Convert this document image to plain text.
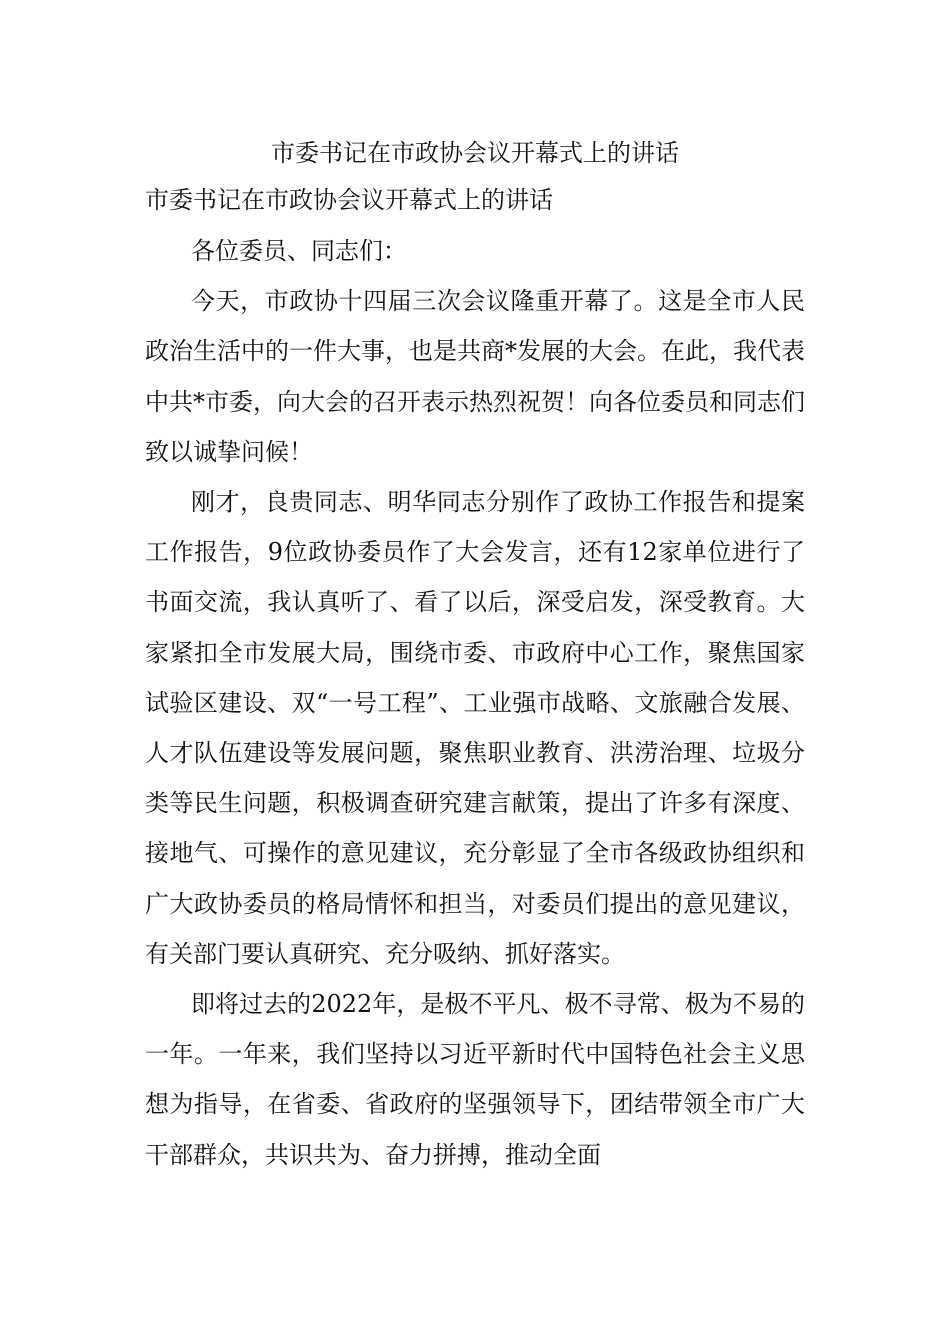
市委书记在市政协会议开幕式上的讲话
市委书记在市政协会议开幕式上的讲话

各位委员、同志们：

今天，市政协十四届三次会议隆重开幕了。这是全市人民政治生活中的一件大事，也是共商*发展的大会。在此，我代表中共*市委，向大会的召开表示热烈祝贺！向各位委员和同志们致以诚挚问候！

刚才，良贵同志、明华同志分别作了政协工作报告和提案工作报告，9位政协委员作了大会发言，还有12家单位进行了书面交流，我认真听了、看了以后，深受启发，深受教育。大家紧扣全市发展大局，围绕市委、市政府中心工作，聚焦国家试验区建设、双“一号工程”、工业强市战略、文旅融合发展、人才队伍建设等发展问题，聚焦职业教育、洪涝治理、垃圾分类等民生问题，积极调查研究建言献策，提出了许多有深度、接地气、可操作的意见建议，充分彰显了全市各级政协组织和广大政协委员的格局情怀和担当，对委员们提出的意见建议，有关部门要认真研究、充分吸纳、抓好落实。

即将过去的2022年，是极不平凡、极不寻常、极为不易的一年。一年来，我们坚持以习近平新时代中国特色社会主义思想为指导，在省委、省政府的坚强领导下，团结带领全市广大干部群众，共识共为、奋力拼搏，推动全面
